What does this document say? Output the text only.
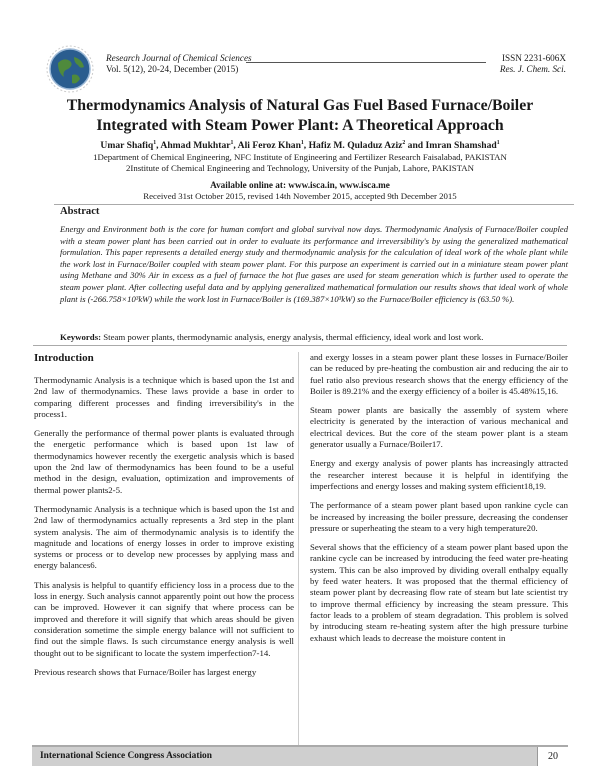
Research Journal of Chemical Sciences
Vol. 5(12), 20-24, December (2015)
ISSN 2231-606X
Res. J. Chem. Sci.
Thermodynamics Analysis of Natural Gas Fuel Based Furnace/Boiler Integrated with Steam Power Plant: A Theoretical Approach
Umar Shafiq$^1$, Ahmad Mukhtar$^1$, Ali Feroz Khan$^1$, Hafiz M. Quladuz Aziz$^2$ and Imran Shamshad$^1$
1Department of Chemical Engineering, NFC Institute of Engineering and Fertilizer Research Faisalabad, PAKISTAN
2Institute of Chemical Engineering and Technology, University of the Punjab, Lahore, PAKISTAN
Available online at: www.isca.in, www.isca.me
Received 31st October 2015, revised 14th November 2015, accepted 9th December 2015
Abstract
Energy and Environment both is the core for human comfort and global survival now days. Thermodynamic Analysis of Furnace/Boiler coupled with a steam power plant has been carried out in order to evaluate its performance and irreversibility's by using the generalized mathematical formulation. This paper represents a detailed energy study and thermodynamic analysis for the calculation of ideal work of the whole plant while the work lost in Furnace/Boiler coupled with steam power plant. For this purpose an experiment is carried out in a miniature steam power plant using Methane and 30% Air in excess as a fuel of furnace the hot flue gases are used for steam generation which is further used to operate the steam power plant. After collecting useful data and by applying generalized mathematical formulation our results shows that ideal work of whole plant is (-266.758×10³kW) while the work lost in Furnace/Boiler is (169.387×10³kW) so the Furnace/Boiler efficiency is (63.50 %).
Keywords: Steam power plants, thermodynamic analysis, energy analysis, thermal efficiency, ideal work and lost work.
Introduction

Thermodynamic Analysis is a technique which is based upon the 1st and 2nd law of thermodynamics. These laws provide a base in order to comparing different processes and finding irreversibility's in the process1.

Generally the performance of thermal power plants is evaluated through the energetic performance which is based upon 1st law of thermodynamics however recently the exergetic analysis which is based upon the 2nd law of thermodynamics has been found to be a useful method in the design, evaluation, optimization and improvements of thermal power plants2-5.

Thermodynamic Analysis is a technique which is based upon the 1st and 2nd law of thermodynamics actually represents a 3rd step in the plant system analysis. The aim of thermodynamic analysis is to identify the magnitude and locations of energy losses in order to improve existing systems or process or to develop new processes by applying mass and energy balances6.

This analysis is helpful to quantify efficiency loss in a process due to the loss in energy. Such analysis cannot apparently point out how the process can be improved. However it can signify that where process can be improved and therefore it will signify that which areas should be given consideration sometime the simple energy balance will not sufficient to find out the simple flaws. Is such circumstance energy analysis is well thought out to be significant to locate the system imperfection7-14.

Previous research shows that Furnace/Boiler has largest energy

and exergy losses in a steam power plant these losses in Furnace/Boiler can be reduced by pre-heating the combustion air and reducing the air to fuel ratio also previous research shows that the energy efficiency of the Boiler is 89.21% and the exergy efficiency of a boiler is 45.48%15,16.

Steam power plants are basically the assembly of system where electricity is generated by the interaction of various mechanical and electrical devices. But the core of the steam power plant is a steam generator usually a Furnace/Boiler17.

Energy and exergy analysis of power plants has increasingly attracted the researcher interest because it is helpful in identifying the imperfections and energy losses and making system efficient18,19.

The performance of a steam power plant based upon rankine cycle can be increased by increasing the boiler pressure, decreasing the condenser pressure or superheating the steam to a very high temperature20.

Several shows that the efficiency of a steam power plant based upon the rankine cycle can be increased by introducing the feed water pre-heating system. This can be also improved by dividing overall enthalpy equally by feed water heaters. It was proposed that the thermal efficiency of steam power plant by decreasing flow rate of steam but late scientist try to improve thermal efficiency by increasing the steam pressure. This factor leads to a problem of steam degradation. This problem is solved by introducing steam re-heating system after the high pressure turbine exhaust which leads to decrease the moisture content in

International Science Congress Association	20
